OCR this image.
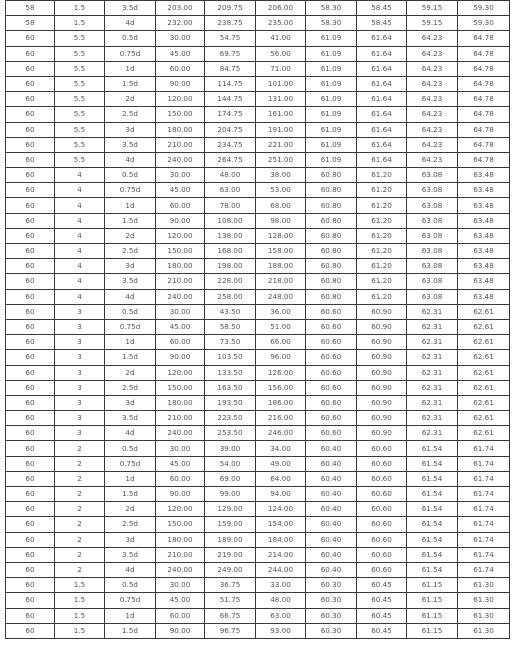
58	1.5	3.5d	203.00	209.75	206.00	58.30	58.45	59.15	59.30
58	1.5	4d	232.00	238.75	235.00	58.30	58.45	59.15	59.30
60	5.5	0.5d	30.00	54.75	41.00	61.09	61.64	64.23	64.78
60	5.5	0.75d	45.00	69.75	56.00	61.09	61.64	64.23	64.78
60	5.5	1d	60.00	84.75	71.00	61.09	61.64	64.23	64.78
60	5.5	1.5d	90.00	114.75	101.00	61.09	61.64	64.23	64.78
60	5.5	2d	120.00	144.75	131.00	61.09	61.64	64.23	64.78
60	5.5	2.5d	150.00	174.75	161.00	61.09	61.64	64.23	64.78
60	5.5	3d	180.00	204.75	191.00	61.09	61.64	64.23	64.78
60	5.5	3.5d	210.00	234.75	221.00	61.09	61.64	64.23	64.78
60	5.5	4d	240.00	264.75	251.00	61.09	61.64	64.23	64.78
60	4	0.5d	30.00	48.00	38.00	60.80	61.20	63.08	63.48
60	4	0.75d	45.00	63.00	53.00	60.80	61.20	63.08	63.48
60	4	1d	60.00	78.00	68.00	60.80	61.20	63.08	63.48
60	4	1.5d	90.00	108.00	98.00	60.80	61.20	63.08	63.48
60	4	2d	120.00	138.00	128.00	60.80	61.20	63.08	63.48
60	4	2.5d	150.00	168.00	158.00	60.80	61.20	63.08	63.48
60	4	3d	180.00	198.00	188.00	60.80	61.20	63.08	63.48
60	4	3.5d	210.00	228.00	218.00	60.80	61.20	63.08	63.48
60	4	4d	240.00	258.00	248.00	60.80	61.20	63.08	63.48
60	3	0.5d	30.00	43.50	36.00	60.60	60.90	62.31	62.61
60	3	0.75d	45.00	58.50	51.00	60.60	60.90	62.31	62.61
60	3	1d	60.00	73.50	66.00	60.60	60.90	62.31	62.61
60	3	1.5d	90.00	103.50	96.00	60.60	60.90	62.31	62.61
60	3	2d	120.00	133.50	126.00	60.60	60.90	62.31	62.61
60	3	2.5d	150.00	163.50	156.00	60.60	60.90	62.31	62.61
60	3	3d	180.00	193.50	186.00	60.60	60.90	62.31	62.61
60	3	3.5d	210.00	223.50	216.00	60.60	60.90	62.31	62.61
60	3	4d	240.00	253.50	246.00	60.60	60.90	62.31	62.61
60	2	0.5d	30.00	39.00	34.00	60.40	60.60	61.54	61.74
60	2	0.75d	45.00	54.00	49.00	60.40	60.60	61.54	61.74
60	2	1d	60.00	69.00	64.00	60.40	60.60	61.54	61.74
60	2	1.5d	90.00	99.00	94.00	60.40	60.60	61.54	61.74
60	2	2d	120.00	129.00	124.00	60.40	60.60	61.54	61.74
60	2	2.5d	150.00	159.00	154.00	60.40	60.60	61.54	61.74
60	2	3d	180.00	189.00	184.00	60.40	60.60	61.54	61.74
60	2	3.5d	210.00	219.00	214.00	60.40	60.60	61.54	61.74
60	2	4d	240.00	249.00	244.00	60.40	60.60	61.54	61.74
60	1.5	0.5d	30.00	36.75	33.00	60.30	60.45	61.15	61.30
60	1.5	0.75d	45.00	51.75	48.00	60.30	60.45	61.15	61.30
60	1.5	1d	60.00	66.75	63.00	60.30	60.45	61.15	61.30
60	1.5	1.5d	90.00	96.75	93.00	60.30	60.45	61.15	61.30
